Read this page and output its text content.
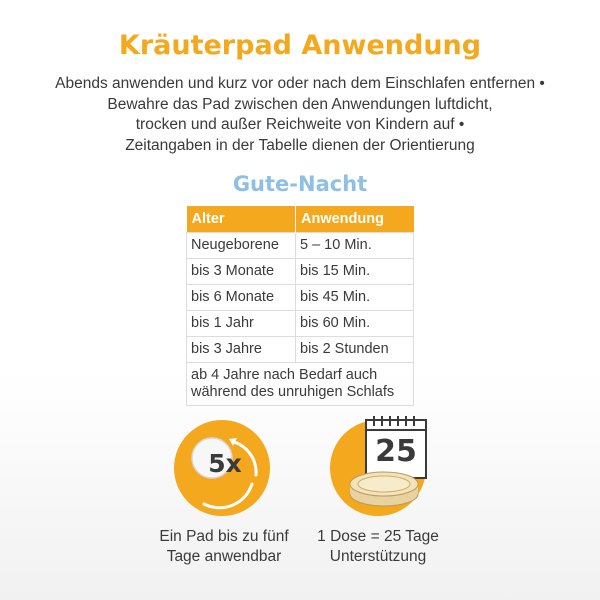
Kräuterpad Anwendung
Abends anwenden und kurz vor oder nach dem Einschlafen entfernen •
Bewahre das Pad zwischen den Anwendungen luftdicht,
trocken und außer Reichweite von Kindern auf •
Zeitangaben in der Tabelle dienen der Orientierung
Gute-Nacht
Alter	Anwendung
Neugeborene	5 – 10 Min.
bis 3 Monate	bis 15 Min.
bis 6 Monate	bis 45 Min.
bis 1 Jahr	bis 60 Min.
bis 3 Jahre	bis 2 Stunden
ab 4 Jahre nach Bedarf auch während des unruhigen Schlafs	
5x
Ein Pad bis zu fünf
Tage anwendbar
25
1 Dose = 25 Tage
Unterstützung
